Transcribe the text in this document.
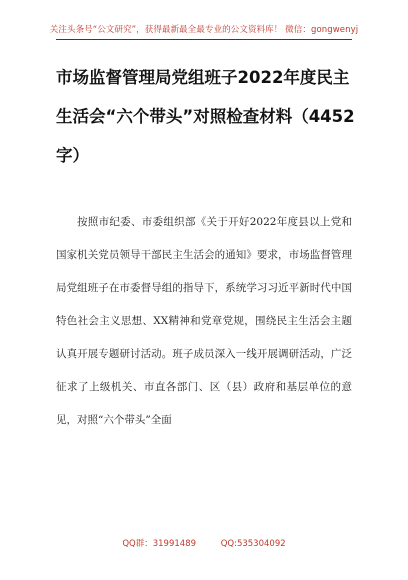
关注头条号“公文研究”，获得最新最全最专业的公文资料库！ 微信：gongwenyj
市场监督管理局党组班子2022年度民主生活会“六个带头”对照检查材料（4452字）

按照市纪委、市委组织部《关于开好2022年度县以上党和国家机关党员领导干部民主生活会的通知》要求，市场监督管理局党组班子在市委督导组的指导下，系统学习习近平新时代中国特色社会主义思想、XX精神和党章党规，围绕民主生活会主题认真开展专题研讨活动。班子成员深入一线开展调研活动，广泛征求了上级机关、市直各部门、区（县）政府和基层单位的意见，对照“六个带头”全面

QQ群：31991489	QQ:535304092
